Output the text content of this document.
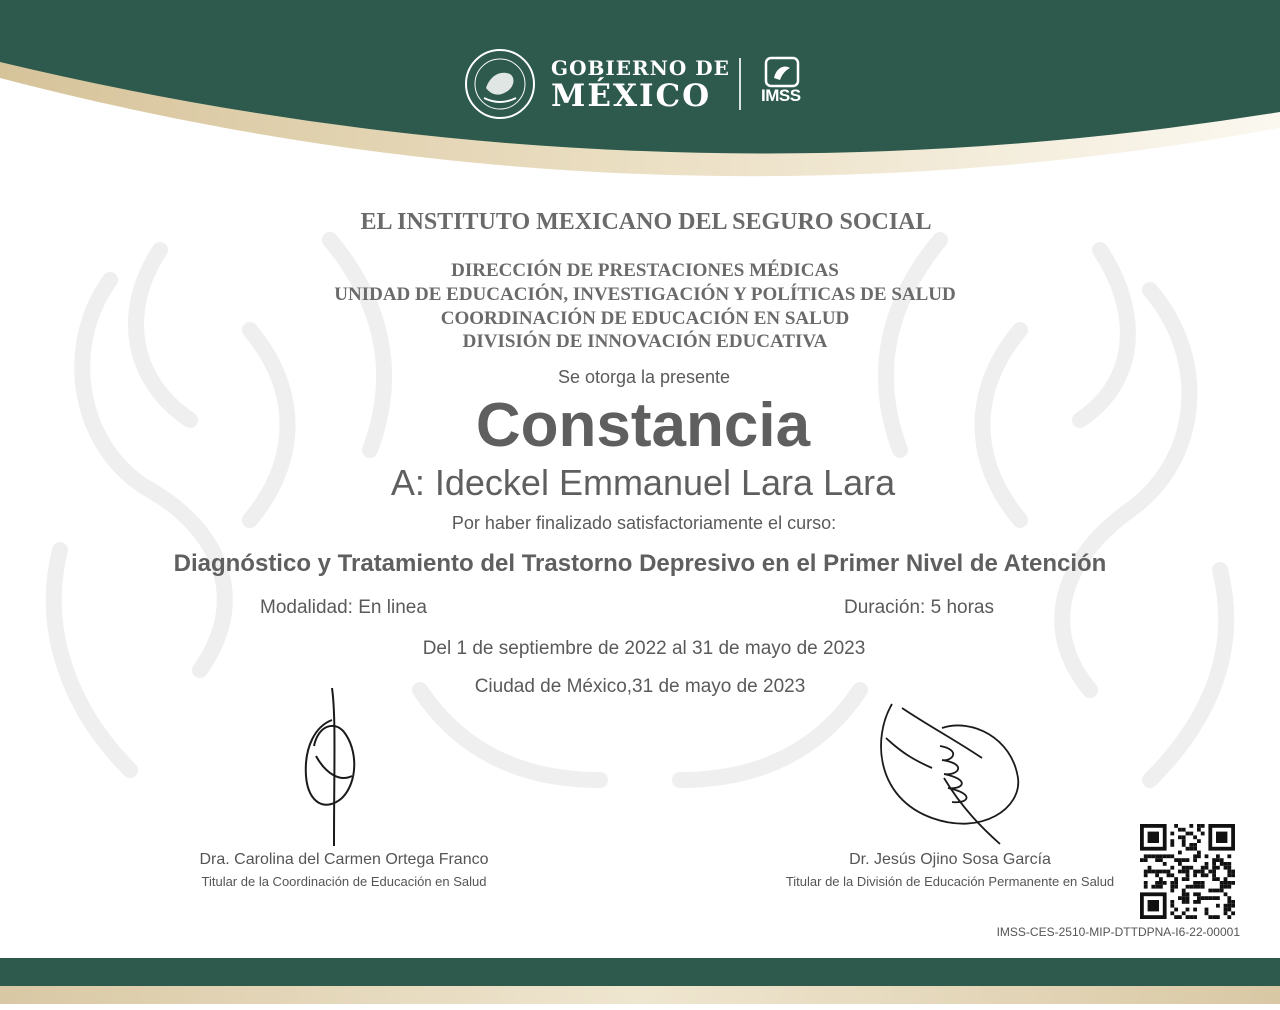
GOBIERNO DE
MÉXICO	IMSS
EL INSTITUTO MEXICANO DEL SEGURO SOCIAL
DIRECCIÓN DE PRESTACIONES MÉDICAS
UNIDAD DE EDUCACIÓN, INVESTIGACIÓN Y POLÍTICAS DE SALUD
COORDINACIÓN DE EDUCACIÓN EN SALUD
DIVISIÓN DE INNOVACIÓN EDUCATIVA
Se otorga la presente
Constancia
A: Ideckel Emmanuel Lara Lara
Por haber finalizado satisfactoriamente el curso:
Diagnóstico y Tratamiento del Trastorno Depresivo en el Primer Nivel de Atención
Modalidad: En linea	Duración: 5 horas
Del 1 de septiembre de 2022 al 31 de mayo de 2023
Ciudad de México,31 de mayo de 2023
Dra. Carolina del Carmen Ortega Franco
Titular de la Coordinación de Educación en Salud
Dr. Jesús Ojino Sosa García
Titular de la División de Educación Permanente en Salud
IMSS-CES-2510-MIP-DTTDPNA-I6-22-00001
